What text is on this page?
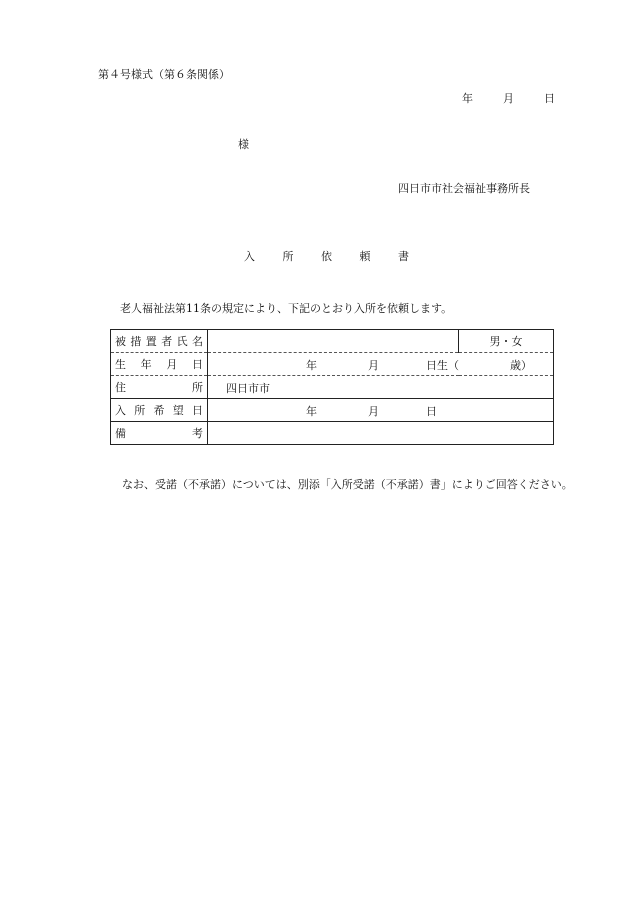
第４号様式（第６条関係）
年	月	日
様
四日市市社会福祉事務所長
入	所	依	頼	書
老人福祉法第11条の規定により、下記のとおり入所を依頼します。
被措置者氏名		男・女

生 年 月 日	年 月 日生（ 歳）	

住　　　所	四日市市	

入所希望日	年 月 日	

備　　　考		

なお、受諾（不承諾）については、別添「入所受諾（不承諾）書」によりご回答ください。
